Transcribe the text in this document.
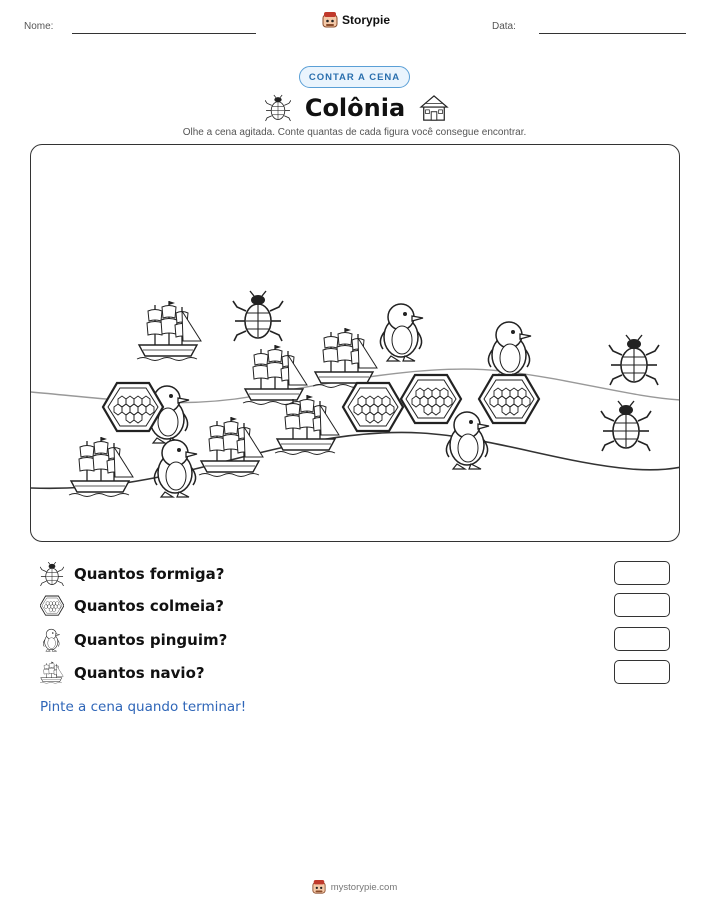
Nome:	Storypie	Data:
CONTAR A CENA
Colônia
Olhe a cena agitada. Conte quantas de cada figura você consegue encontrar.
Quantos formiga?
Quantos colmeia?
Quantos pinguim?
Quantos navio?
Pinte a cena quando terminar!
mystorypie.com
